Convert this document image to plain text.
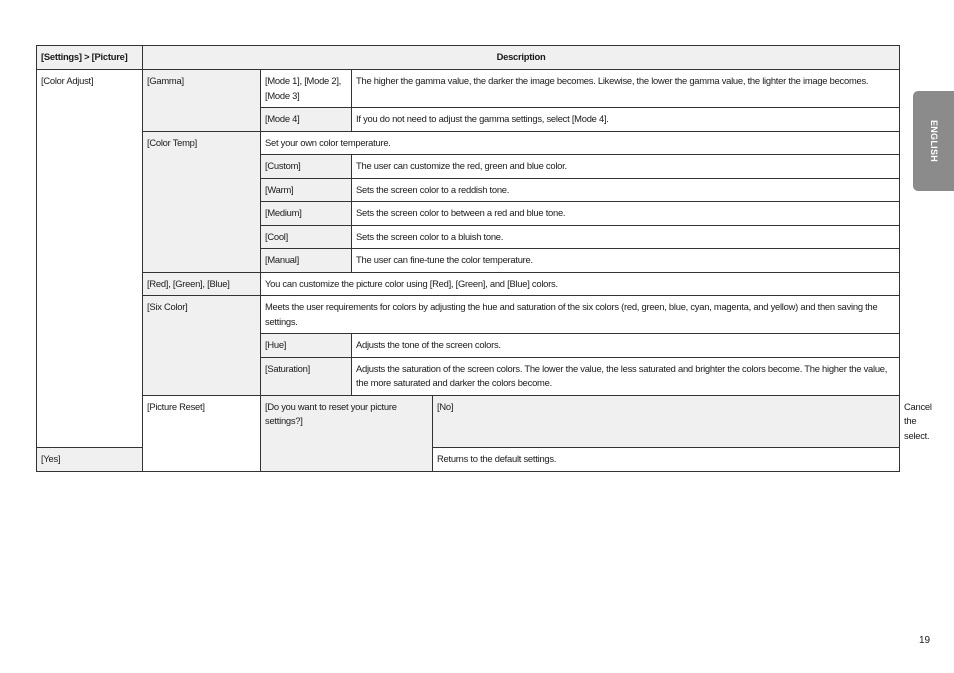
[Settings] > [Picture]	Description				
[Color Adjust]	[Gamma]	[Mode 1], [Mode 2], [Mode 3]	The higher the gamma value, the darker the image becomes. Likewise, the lower the gamma value, the lighter the image becomes.		
		[Mode 4]	If you do not need to adjust the gamma settings, select [Mode 4].		
	[Color Temp]	Set your own color temperature.			
		[Custom]	The user can customize the red, green and blue color.		
		[Warm]	Sets the screen color to a reddish tone.		
		[Medium]	Sets the screen color to between a red and blue tone.		
		[Cool]	Sets the screen color to a bluish tone.		
		[Manual]	The user can fine-tune the color temperature.		
	[Red], [Green], [Blue]	You can customize the picture color using [Red], [Green], and [Blue] colors.			
	[Six Color]	Meets the user requirements for colors by adjusting the hue and saturation of the six colors (red, green, blue, cyan, magenta, and yellow) and then saving the settings.			
		[Hue]	Adjusts the tone of the screen colors.		
		[Saturation]	Adjusts the saturation of the screen colors. The lower the value, the less saturated and brighter the colors become. The higher the value, the more saturated and darker the colors become.		
	[Picture Reset]	[Do you want to reset your picture settings?]		[No]	Cancel the select.
[Yes]				Returns to the default settings.	
ENGLISH
19
